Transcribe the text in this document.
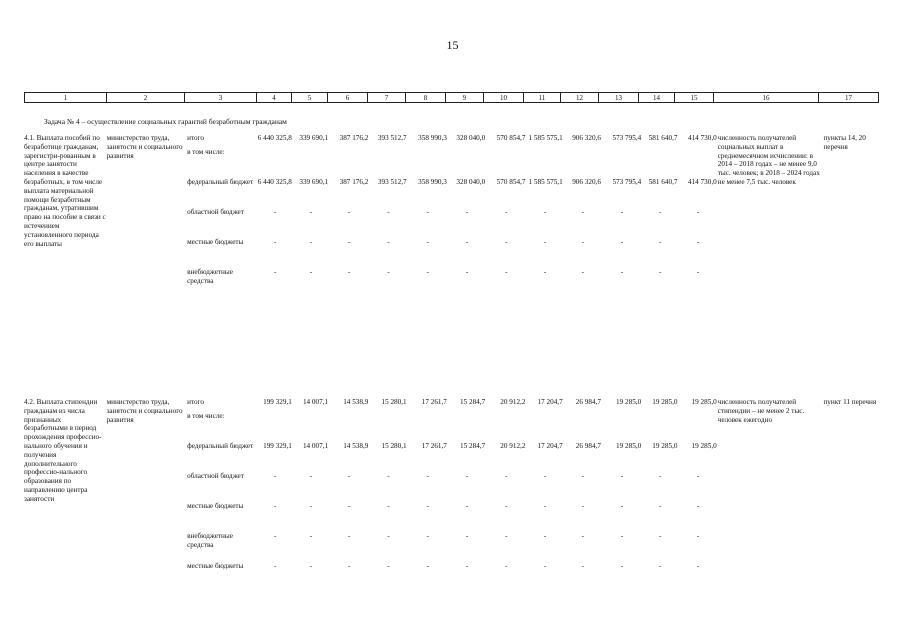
15
1	2	3	4	5	6	7	8	9	10	11	12	13	14	15	16	17
Задача № 4 – осуществление социальных гарантий безработным гражданам
4.1. Выплата пособий по безработице гражданам, зарегистри-рованным в центре занятости населения в качестве безработных, в том числе выплата материальной помощи безработным гражданам, утратившим право на пособие в связи с истечением установленного периода его выплаты	министерство труда, занятости и социального развития	итого	6 440 325,8	339 690,1	387 176,2	393 512,7	358 990,3	328 040,0	570 854,7	1 585 575,1	906 320,6	573 795,4	581 640,7	414 730,0	численность получателей социальных выплат в среднемесячном исчислении: в 2014 – 2018 годах – не менее 9,0 тыс. человек; в 2018 – 2024 годах не менее 7,5 тыс. человек	пункты 14, 20 перечня
		в том числе:														
		федеральный бюджет	6 440 325,8	339 690,1	387 176,2	393 512,7	358 990,3	328 040,0	570 854,7	1 585 575,1	906 320,6	573 795,4	581 640,7	414 730,0		
		областной бюджет	-	-	-	-	-	-	-	-	-	-	-	-		
		местные бюджеты	-	-	-	-	-	-	-	-	-	-	-	-		
		внебюджетные средства	-	-	-	-	-	-	-	-	-	-	-	-		
4.2. Выплата стипендии гражданам из числа признанных безработными в период прохождения профессио-нального обучения и получения дополнительного профессио-нального образования по направлению центра занятости	министерство труда, занятости и социального развития	итого	199 329,1	14 007,1	14 538,9	15 280,1	17 261,7	15 284,7	20 912,2	17 204,7	26 984,7	19 285,0	19 285,0	19 285,0	численность получателей стипендии – не менее 2 тыс. человек ежегодно	пункт 11 перечня
		в том числе:														
		федеральный бюджет	199 329,1	14 007,1	14 538,9	15 280,1	17 261,7	15 284,7	20 912,2	17 204,7	26 984,7	19 285,0	19 285,0	19 285,0		
		областной бюджет	-	-	-	-	-	-	-	-	-	-	-	-		
		местные бюджеты	-	-	-	-	-	-	-	-	-	-	-	-		
		внебюджетные средства	-	-	-	-	-	-	-	-	-	-	-	-		
		местные бюджеты	-	-	-	-	-	-	-	-	-	-	-	-		
